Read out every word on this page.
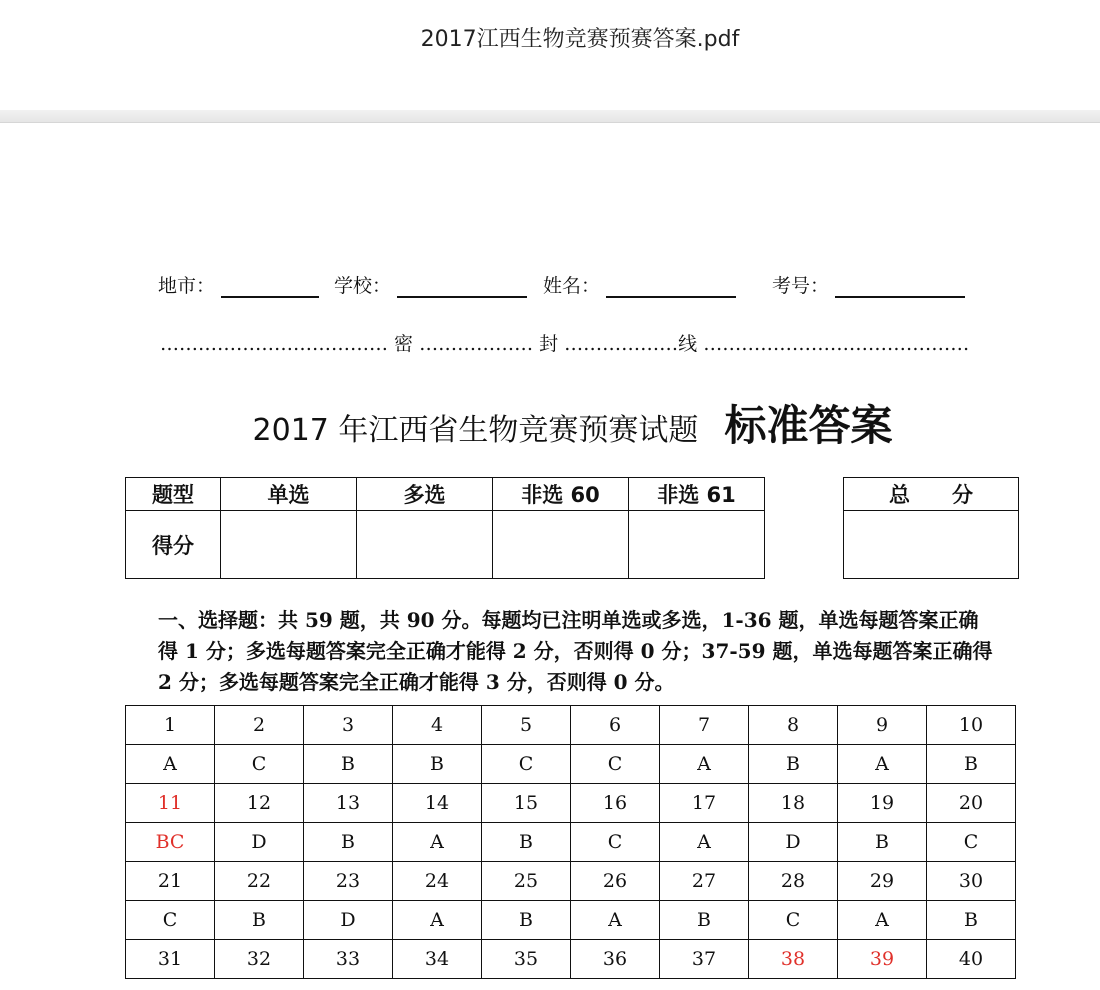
2017江西生物竞赛预赛答案.pdf
地市：	学校：	姓名：	考号：
……………………………… 密 ……………… 封 ………………线 ……………………………………
2017 年江西省生物竞赛预赛试题 标准答案
题型	单选	多选	非选 60	非选 61
得分				
总　　分

一、选择题：共 59 题，共 90 分。每题均已注明单选或多选，1-36 题，单选每题答案正确得 1 分；多选每题答案完全正确才能得 2 分，否则得 0 分；37-59 题，单选每题答案正确得 2 分；多选每题答案完全正确才能得 3 分，否则得 0 分。
1	2	3	4	5	6	7	8	9	10
A	C	B	B	C	C	A	B	A	B
11	12	13	14	15	16	17	18	19	20
BC	D	B	A	B	C	A	D	B	C
21	22	23	24	25	26	27	28	29	30
C	B	D	A	B	A	B	C	A	B
31	32	33	34	35	36	37	38	39	40
